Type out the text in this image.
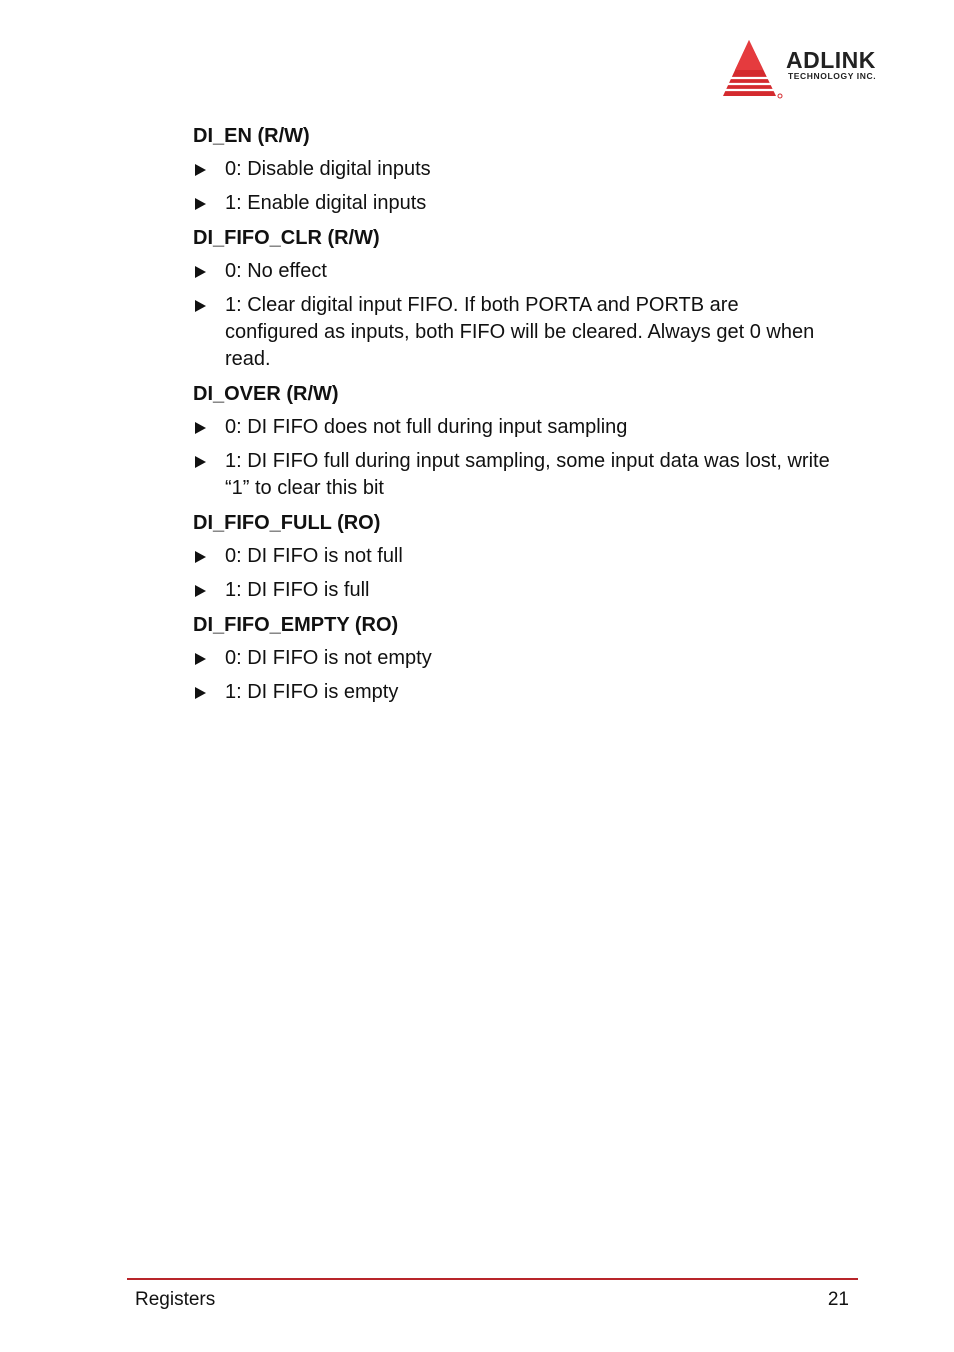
ADLINK
TECHNOLOGY INC.
DI_EN (R/W)
0: Disable digital inputs
1: Enable digital inputs
DI_FIFO_CLR (R/W)
0: No effect
1: Clear digital input FIFO. If both PORTA and PORTB are configured as inputs, both FIFO will be cleared. Always get 0 when read.
DI_OVER (R/W)
0: DI FIFO does not full during input sampling
1: DI FIFO full during input sampling, some input data was lost, write “1” to clear this bit
DI_FIFO_FULL (RO)
0: DI FIFO is not full
1: DI FIFO is full
DI_FIFO_EMPTY (RO)
0: DI FIFO is not empty
1: DI FIFO is empty
Registers	21
